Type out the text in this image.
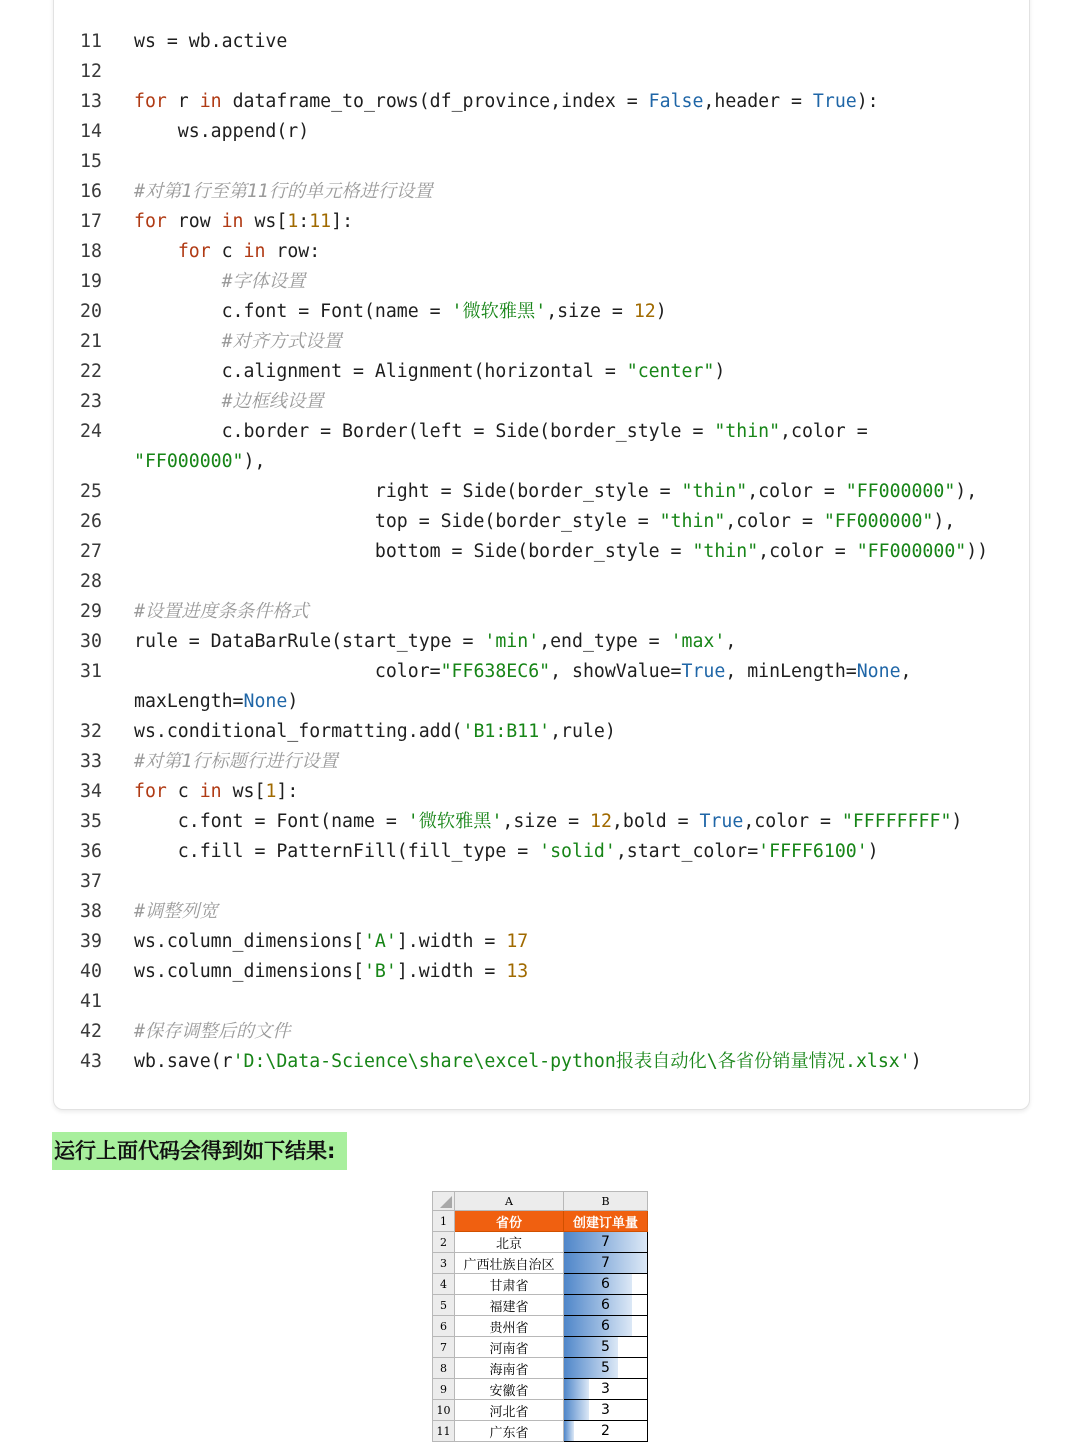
11	ws = wb.active
12
13	for r in dataframe_to_rows(df_province,index = False,header = True):
14	ws.append(r)
15
16	#对第1行至第11行的单元格进行设置
17	for row in ws[1:11]:
18	for c in row:
19	#字体设置
20	c.font = Font(name = '微软雅黑',size = 12)
21	#对齐方式设置
22	c.alignment = Alignment(horizontal = "center")
23	#边框线设置
24	c.border = Border(left = Side(border_style = "thin",color =
"FF000000"),
25	right = Side(border_style = "thin",color = "FF000000"),
26	top = Side(border_style = "thin",color = "FF000000"),
27	bottom = Side(border_style = "thin",color = "FF000000"))
28
29	#设置进度条条件格式
30	rule = DataBarRule(start_type = 'min',end_type = 'max',
31	color="FF638EC6", showValue=True, minLength=None,
maxLength=None)
32	ws.conditional_formatting.add('B1:B11',rule)
33	#对第1行标题行进行设置
34	for c in ws[1]:
35	c.font = Font(name = '微软雅黑',size = 12,bold = True,color = "FFFFFFFF")
36	c.fill = PatternFill(fill_type = 'solid',start_color='FFFF6100')
37
38	#调整列宽
39	ws.column_dimensions['A'].width = 17
40	ws.column_dimensions['B'].width = 13
41
42	#保存调整后的文件
43	wb.save(r'D:\Data-Science\share\excel-python报表自动化\各省份销量情况.xlsx')
运行上面代码会得到如下结果:
	A	B
1	省份	创建订单量
2	北京	7
3	广西壮族自治区	7
4	甘肃省	6
5	福建省	6
6	贵州省	6
7	河南省	5
8	海南省	5
9	安徽省	3
10	河北省	3
11	广东省	2
